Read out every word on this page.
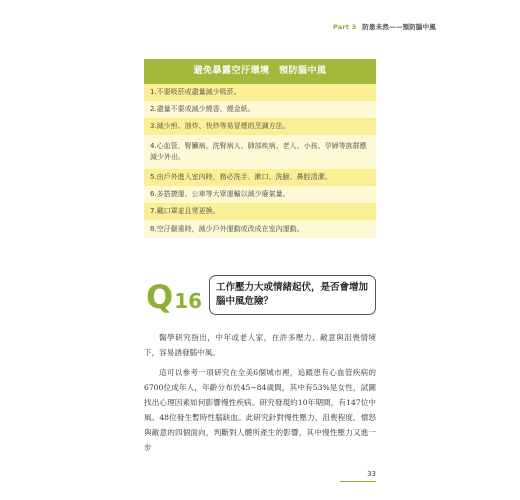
Part 3 防患未然——預防腦中風
避免暴露空汙環境　預防腦中風
1.不要吸菸或盡量減少吸菸。
2.盡量不要或減少燒香、燒金紙。
3.減少煎、油炸、快炒等易冒煙的烹調方法。
4.心血管、腎臟病、洗腎病人、肺部疾病、老人、小孩、孕婦等族群應減少外出。
5.由戶外進入室內時，務必洗手、漱口、洗臉、鼻腔清潔。
6.多搭捷運、公車等大眾運輸以減少廢氣量。
7.戴口罩並且常更換。
8.空汙嚴重時，減少戶外運動或改成在室內運動。
Q 16
工作壓力大或情緒起伏，是否會增加腦中風危險？

醫學研究指出，中年或老人家，在許多壓力、敵意與沮喪情境下，容易誘發腦中風。

這可以參考一項研究在全美6個城市裡，追蹤患有心血管疾病的6700位成年人，年齡分布於45~84歲間，其中有53%是女性，試圖找出心理因素如何影響慢性疾病。研究發現約10年期間，有147位中風、48位發生暫時性腦缺血。此研究針對慢性壓力、沮喪程度、憤怒與敵意的四個面向，判斷對人體所產生的影響，其中慢性壓力又進一步

33
